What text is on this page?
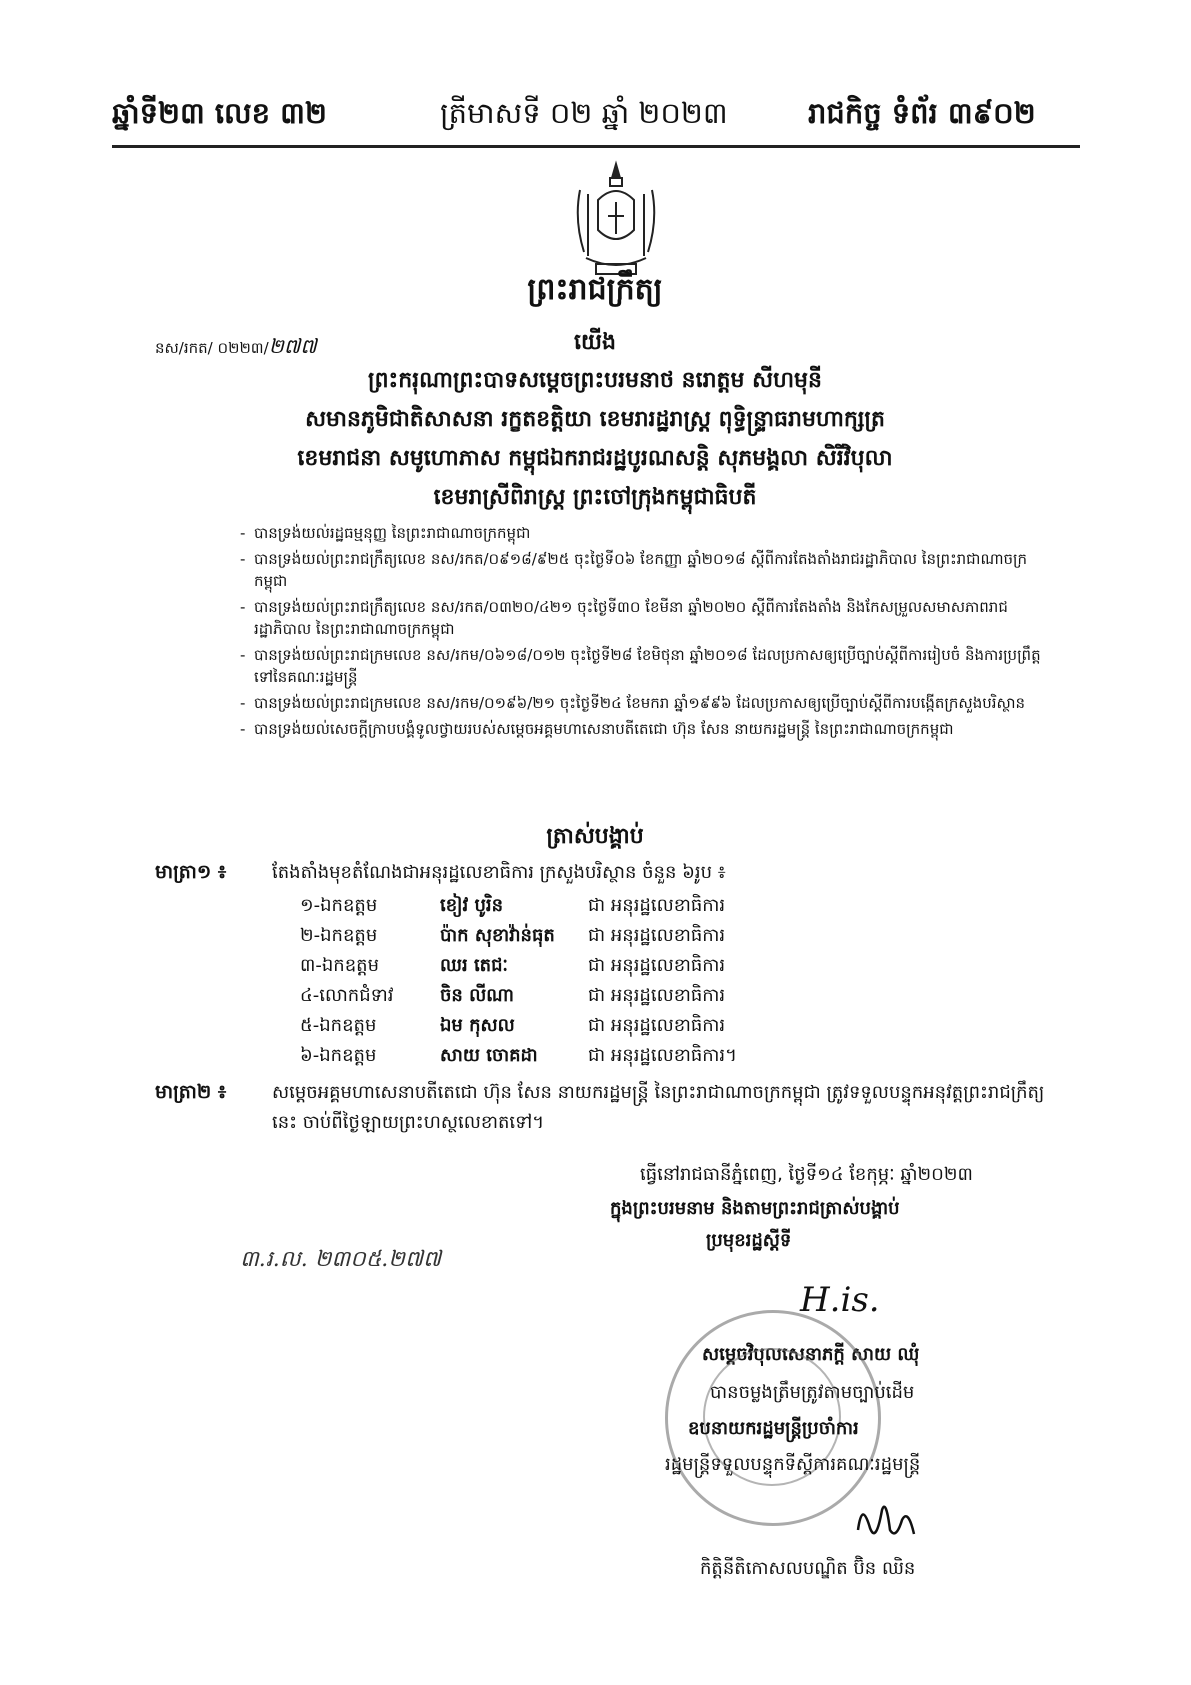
ឆ្នាំទី២៣ លេខ ៣២	ត្រីមាសទី ០២ ឆ្នាំ ២០២៣	រាជកិច្ច ទំព័រ ៣៩០២
ព្រះរាជក្រឹត្យ
នស/រកត/ ០២២៣/២៧៧	យើង
ព្រះករុណាព្រះបាទសម្ដេចព្រះបរមនាថ នរោត្តម សីហមុនី
សមានភូមិជាតិសាសនា រក្ខតខត្តិយា ខេមរារដ្ឋរាស្ត្រ ពុទ្ធិន្ទ្រាធរាមហាក្សត្រ
ខេមរាជនា សមូហោភាស កម្ពុជឯករាជរដ្ឋបូរណសន្តិ សុភមង្គលា សិរីវិបុលា
ខេមរាស្រីពិរាស្ត្រ ព្រះចៅក្រុងកម្ពុជាធិបតី
- បានទ្រង់យល់រដ្ឋធម្មនុញ្ញ នៃព្រះរាជាណាចក្រកម្ពុជា
- បានទ្រង់យល់ព្រះរាជក្រឹត្យលេខ នស/រកត/០៩១៨/៩២៥ ចុះថ្ងៃទី០៦ ខែកញ្ញា ឆ្នាំ២០១៨ ស្ដីពីការតែងតាំងរាជរដ្ឋាភិបាល នៃព្រះរាជាណាចក្រកម្ពុជា
- បានទ្រង់យល់ព្រះរាជក្រឹត្យលេខ នស/រកត/០៣២០/៤២១ ចុះថ្ងៃទី៣០ ខែមីនា ឆ្នាំ២០២០ ស្ដីពីការតែងតាំង និងកែសម្រួលសមាសភាពរាជរដ្ឋាភិបាល នៃព្រះរាជាណាចក្រកម្ពុជា
- បានទ្រង់យល់ព្រះរាជក្រមលេខ នស/រកម/០៦១៨/០១២ ចុះថ្ងៃទី២៨ ខែមិថុនា ឆ្នាំ២០១៨ ដែលប្រកាសឲ្យប្រើច្បាប់ស្ដីពីការរៀបចំ និងការប្រព្រឹត្តទៅនៃគណៈរដ្ឋមន្ត្រី
- បានទ្រង់យល់ព្រះរាជក្រមលេខ នស/រកម/០១៩៦/២១ ចុះថ្ងៃទី២៤ ខែមករា ឆ្នាំ១៩៩៦ ដែលប្រកាសឲ្យប្រើច្បាប់ស្ដីពីការបង្កើតក្រសួងបរិស្ថាន
- បានទ្រង់យល់សេចក្ដីក្រាបបង្គំទូលថ្វាយរបស់សម្ដេចអគ្គមហាសេនាបតីតេជោ ហ៊ុន សែន នាយករដ្ឋមន្ត្រី នៃព្រះរាជាណាចក្រកម្ពុជា
ត្រាស់បង្គាប់
មាត្រា១ ៖	តែងតាំងមុខតំណែងជាអនុរដ្ឋលេខាធិការ ក្រសួងបរិស្ថាន ចំនួន ៦រូប ៖
១-ឯកឧត្ដម	ខៀវ បូរិន	ជា អនុរដ្ឋលេខាធិការ
២-ឯកឧត្ដម	ប៉ាក សុខាវ៉ាន់ធុត ជា អនុរដ្ឋលេខាធិការ
៣-ឯកឧត្ដម	ឈរ តេជៈ	ជា អនុរដ្ឋលេខាធិការ
៤-លោកជំទាវ	ចិន លីណា	ជា អនុរដ្ឋលេខាធិការ
៥-ឯកឧត្ដម	ឯម កុសល	ជា អនុរដ្ឋលេខាធិការ
៦-ឯកឧត្ដម	សាយ ចោគដា	ជា អនុរដ្ឋលេខាធិការ។
មាត្រា២ ៖	សម្ដេចអគ្គមហាសេនាបតីតេជោ ហ៊ុន សែន នាយករដ្ឋមន្ត្រី នៃព្រះរាជាណាចក្រកម្ពុជា ត្រូវទទួលបន្ទុកអនុវត្តព្រះរាជក្រឹត្យនេះ ចាប់ពីថ្ងៃឡាយព្រះហស្ថលេខាតទៅ។
ធ្វើនៅរាជធានីភ្នំពេញ, ថ្ងៃទី១៤ ខែកុម្ភៈ ឆ្នាំ២០២៣
ក្នុងព្រះបរមនាម និងតាមព្រះរាជត្រាស់បង្គាប់
ប្រមុខរដ្ឋស្ដីទី
៣.រ.ល. ២៣០៥.២៧៧
H.is.
សម្ដេចវិបុលសេនាភក្ដី សាយ ឈុំ
បានចម្លងត្រឹមត្រូវតាមច្បាប់ដើម
ឧបនាយករដ្ឋមន្ត្រីប្រចាំការ
រដ្ឋមន្ត្រីទទួលបន្ទុកទីស្ដីការគណៈរដ្ឋមន្ត្រី
កិត្តិនីតិកោសលបណ្ឌិត ប៊ិន ឈិន
